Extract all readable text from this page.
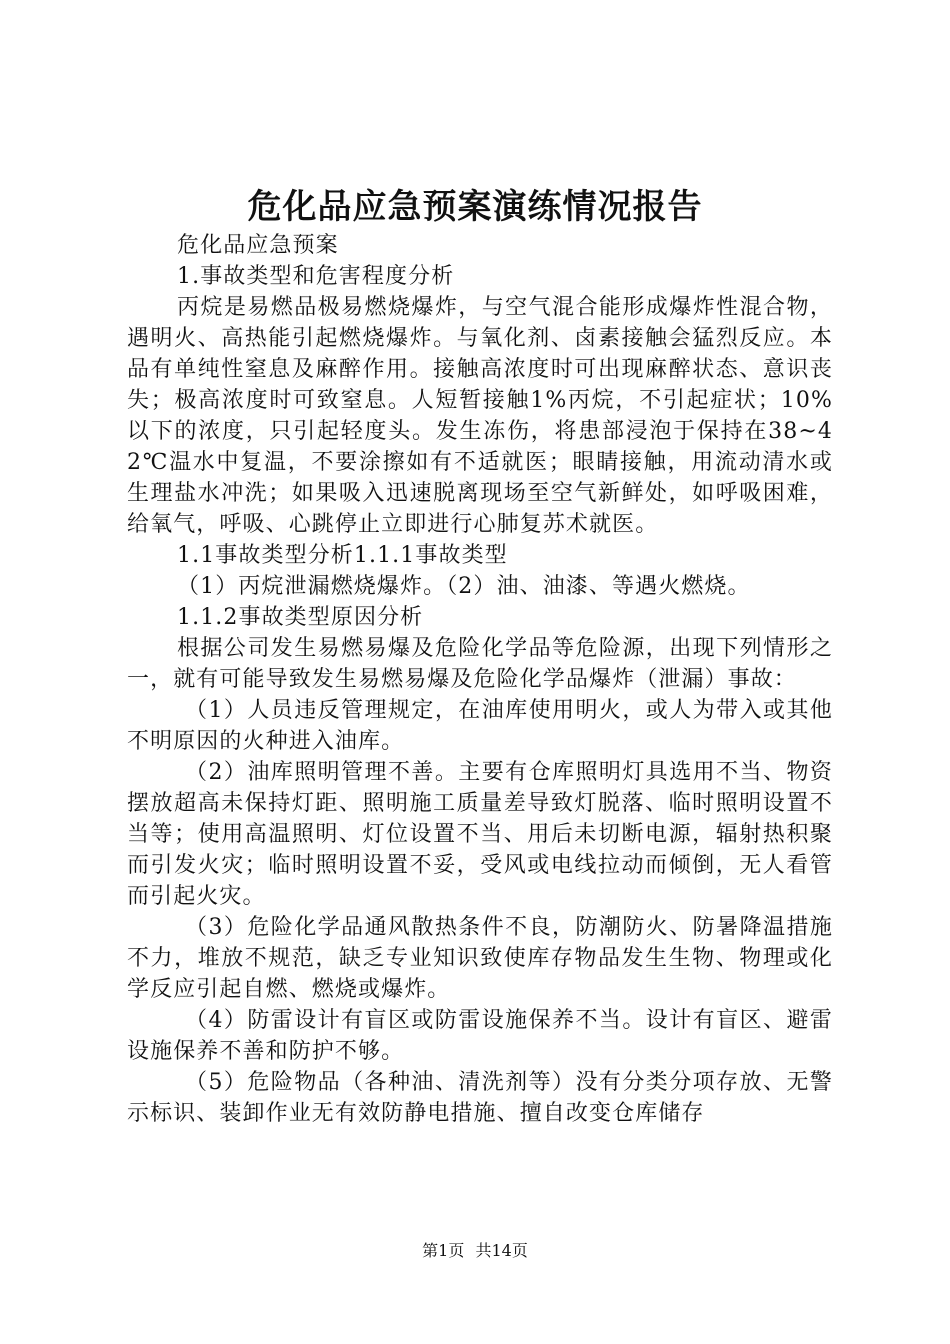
危化品应急预案演练情况报告

危化品应急预案

1.事故类型和危害程度分析

丙烷是易燃品极易燃烧爆炸，与空气混合能形成爆炸性混合物，遇明火、高热能引起燃烧爆炸。与氧化剂、卤素接触会猛烈反应。本品有单纯性窒息及麻醉作用。接触高浓度时可出现麻醉状态、意识丧失；极高浓度时可致窒息。人短暂接触1%丙烷，不引起症状；10%以下的浓度，只引起轻度头。发生冻伤，将患部浸泡于保持在38~42℃温水中复温，不要涂擦如有不适就医；眼睛接触，用流动清水或生理盐水冲洗；如果吸入迅速脱离现场至空气新鲜处，如呼吸困难，给氧气，呼吸、心跳停止立即进行心肺复苏术就医。

1.1事故类型分析1.1.1事故类型

（1）丙烷泄漏燃烧爆炸。（2）油、油漆、等遇火燃烧。

1.1.2事故类型原因分析

根据公司发生易燃易爆及危险化学品等危险源，出现下列情形之一，就有可能导致发生易燃易爆及危险化学品爆炸（泄漏）事故：

（1）人员违反管理规定，在油库使用明火，或人为带入或其他不明原因的火种进入油库。

（2）油库照明管理不善。主要有仓库照明灯具选用不当、物资摆放超高未保持灯距、照明施工质量差导致灯脱落、临时照明设置不当等；使用高温照明、灯位设置不当、用后未切断电源，辐射热积聚而引发火灾；临时照明设置不妥，受风或电线拉动而倾倒，无人看管而引起火灾。

（3）危险化学品通风散热条件不良，防潮防火、防暑降温措施不力，堆放不规范，缺乏专业知识致使库存物品发生生物、物理或化学反应引起自燃、燃烧或爆炸。

（4）防雷设计有盲区或防雷设施保养不当。设计有盲区、避雷设施保养不善和防护不够。

（5）危险物品（各种油、清洗剂等）没有分类分项存放、无警示标识、装卸作业无有效防静电措施、擅自改变仓库储存

第1页 共14页
